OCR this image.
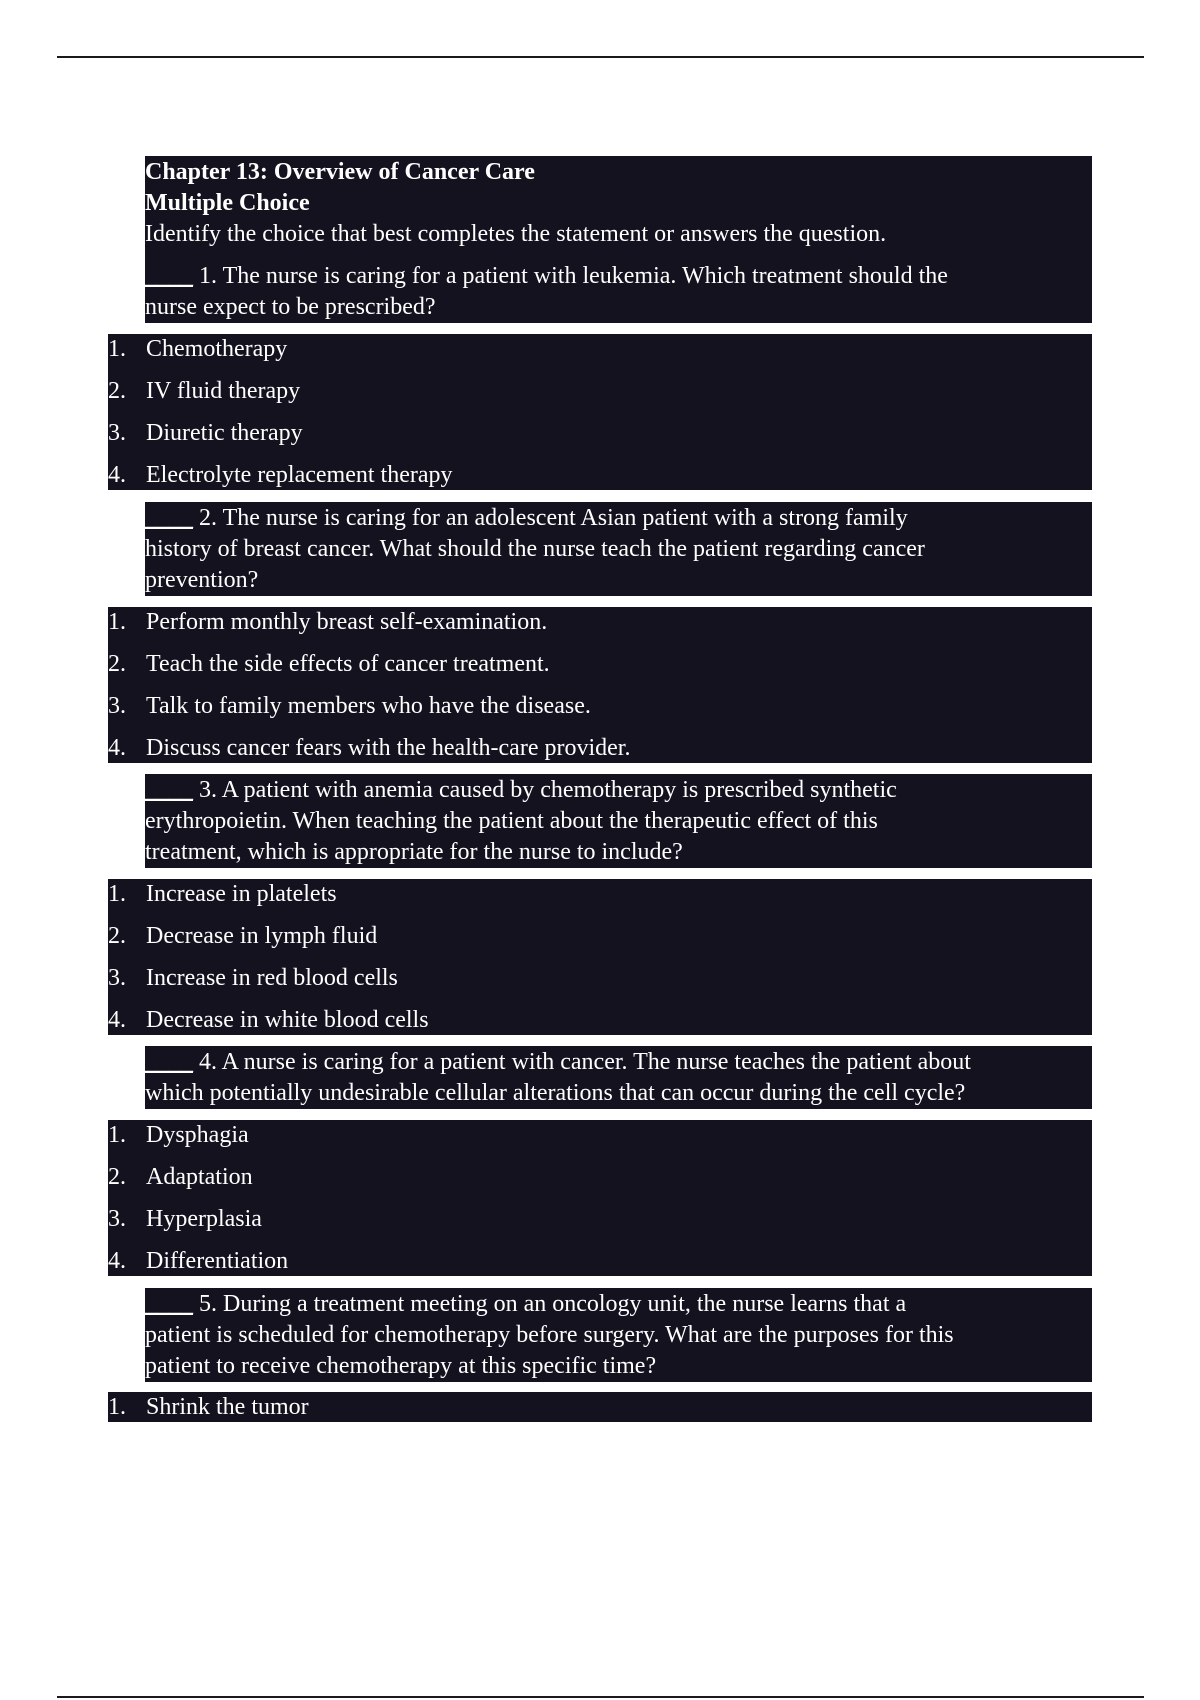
Chapter 13: Overview of Cancer Care
Multiple Choice
Identify the choice that best completes the statement or answers the question.
____ 1. The nurse is caring for a patient with leukemia. Which treatment should the
nurse expect to be prescribed?
1. Chemotherapy
2. IV fluid therapy
3. Diuretic therapy
4. Electrolyte replacement therapy
____ 2. The nurse is caring for an adolescent Asian patient with a strong family
history of breast cancer. What should the nurse teach the patient regarding cancer
prevention?
1. Perform monthly breast self-examination.
2. Teach the side effects of cancer treatment.
3. Talk to family members who have the disease.
4. Discuss cancer fears with the health-care provider.
____ 3. A patient with anemia caused by chemotherapy is prescribed synthetic
erythropoietin. When teaching the patient about the therapeutic effect of this
treatment, which is appropriate for the nurse to include?
1. Increase in platelets
2. Decrease in lymph fluid
3. Increase in red blood cells
4. Decrease in white blood cells
____ 4. A nurse is caring for a patient with cancer. The nurse teaches the patient about
which potentially undesirable cellular alterations that can occur during the cell cycle?
1. Dysphagia
2. Adaptation
3. Hyperplasia
4. Differentiation
____ 5. During a treatment meeting on an oncology unit, the nurse learns that a
patient is scheduled for chemotherapy before surgery. What are the purposes for this
patient to receive chemotherapy at this specific time?
1. Shrink the tumor
